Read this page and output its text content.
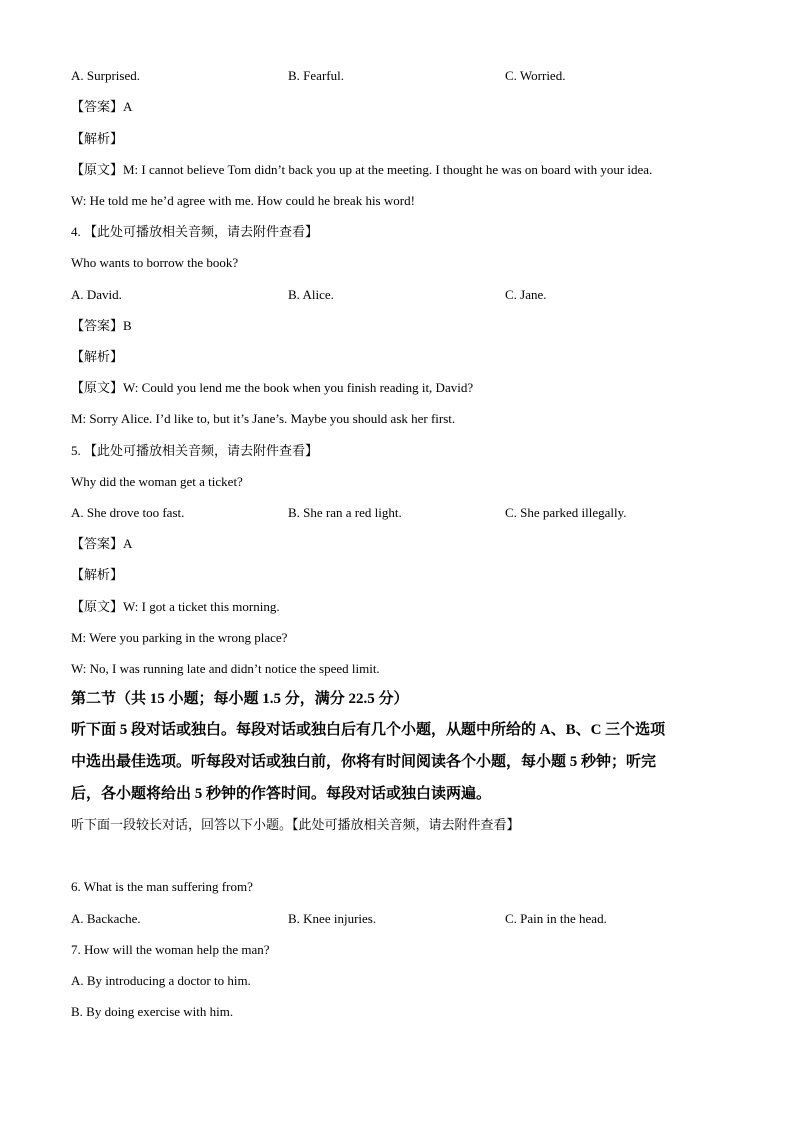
A. Surprised.	B. Fearful.	C. Worried.
【答案】A
【解析】
【原文】M: I cannot believe Tom didn’t back you up at the meeting. I thought he was on board with your idea.
W: He told me he’d agree with me. How could he break his word!
4. 【此处可播放相关音频，请去附件查看】
Who wants to borrow the book?
A. David.	B. Alice.	C. Jane.
【答案】B
【解析】
【原文】W: Could you lend me the book when you finish reading it, David?
M: Sorry Alice. I’d like to, but it’s Jane’s. Maybe you should ask her first.
5. 【此处可播放相关音频，请去附件查看】
Why did the woman get a ticket?
A. She drove too fast.	B. She ran a red light.	C. She parked illegally.
【答案】A
【解析】
【原文】W: I got a ticket this morning.
M: Were you parking in the wrong place?
W: No, I was running late and didn’t notice the speed limit.
第二节（共 15 小题；每小题 1.5 分，满分 22.5 分）
听下面 5 段对话或独白。每段对话或独白后有几个小题，从题中所给的 A、B、C 三个选项
中选出最佳选项。听每段对话或独白前，你将有时间阅读各个小题，每小题 5 秒钟；听完
后，各小题将给出 5 秒钟的作答时间。每段对话或独白读两遍。
听下面一段较长对话，回答以下小题。【此处可播放相关音频，请去附件查看】
6. What is the man suffering from?
A. Backache.	B. Knee injuries.	C. Pain in the head.
7. How will the woman help the man?
A. By introducing a doctor to him.
B. By doing exercise with him.
